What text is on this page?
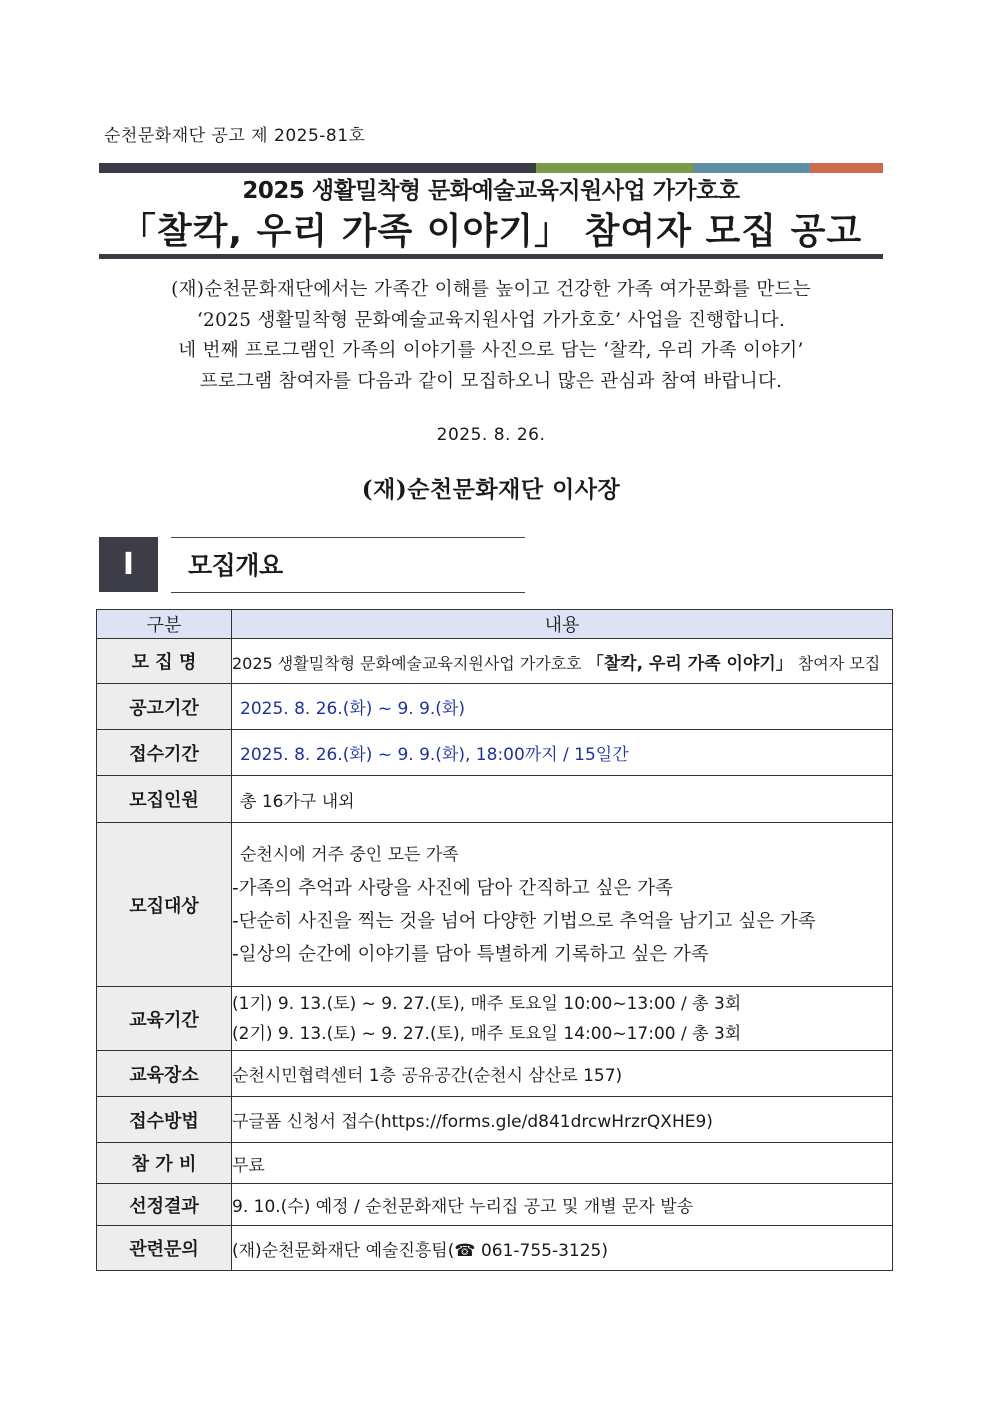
순천문화재단 공고 제 2025-81호
2025 생활밀착형 문화예술교육지원사업 가가호호
「찰칵, 우리 가족 이야기」 참여자 모집 공고
(재)순천문화재단에서는 가족간 이해를 높이고 건강한 가족 여가문화를 만드는
‘2025 생활밀착형 문화예술교육지원사업 가가호호’ 사업을 진행합니다.
네 번째 프로그램인 가족의 이야기를 사진으로 담는 ‘찰칵, 우리 가족 이야기’
프로그램 참여자를 다음과 같이 모집하오니 많은 관심과 참여 바랍니다.
2025. 8. 26.
(재)순천문화재단 이사장
I	모집개요
구분	내용
모 집 명	2025 생활밀착형 문화예술교육지원사업 가가호호 「찰칵, 우리 가족 이야기」 참여자 모집
공고기간	2025. 8. 26.(화) ~ 9. 9.(화)
접수기간	2025. 8. 26.(화) ~ 9. 9.(화), 18:00까지 / 15일간
모집인원	총 16가구 내외
모집대상	순천시에 거주 중인 모든 가족
-가족의 추억과 사랑을 사진에 담아 간직하고 싶은 가족
-단순히 사진을 찍는 것을 넘어 다양한 기법으로 추억을 남기고 싶은 가족
-일상의 순간에 이야기를 담아 특별하게 기록하고 싶은 가족

교육기간	(1기) 9. 13.(토) ~ 9. 27.(토), 매주 토요일 10:00~13:00 / 총 3회
(2기) 9. 13.(토) ~ 9. 27.(토), 매주 토요일 14:00~17:00 / 총 3회

교육장소	순천시민협력센터 1층 공유공간(순천시 삼산로 157)
접수방법	구글폼 신청서 접수(https://forms.gle/d841drcwHrzrQXHE9)
참 가 비	무료
선정결과	9. 10.(수) 예정 / 순천문화재단 누리집 공고 및 개별 문자 발송
관련문의	(재)순천문화재단 예술진흥팀(☎ 061-755-3125)
